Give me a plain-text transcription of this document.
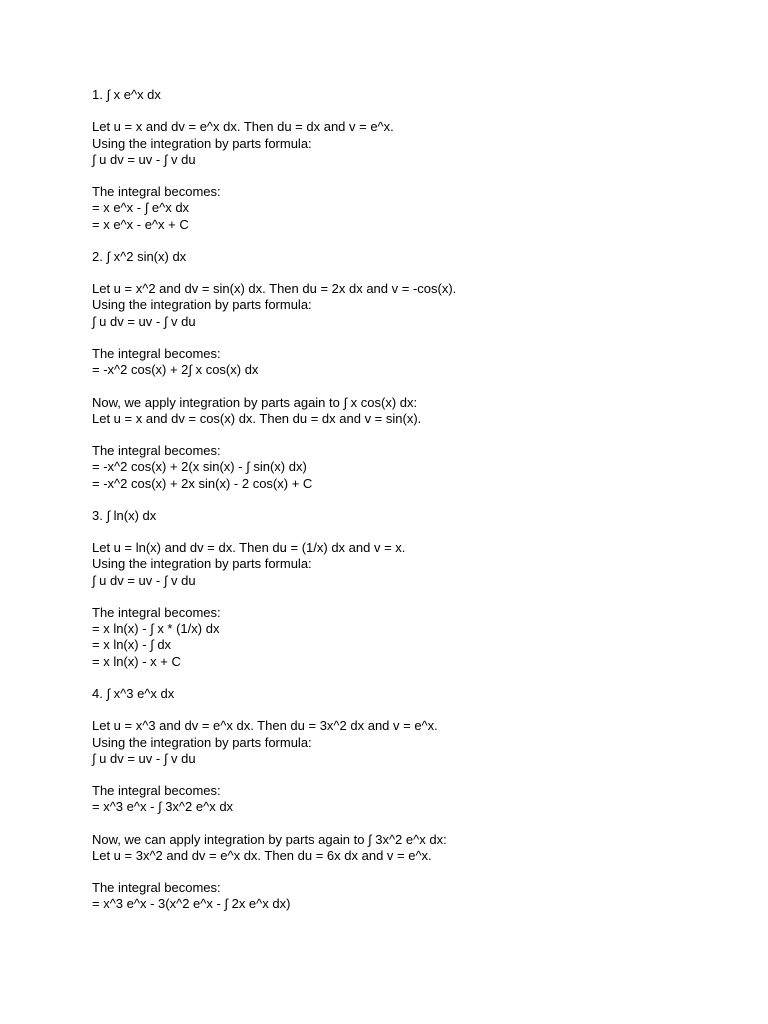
1. ∫ x e^x dx
Let u = x and dv = e^x dx. Then du = dx and v = e^x.
Using the integration by parts formula:
∫ u dv = uv - ∫ v du
The integral becomes:
= x e^x - ∫ e^x dx
= x e^x - e^x + C
2. ∫ x^2 sin(x) dx
Let u = x^2 and dv = sin(x) dx. Then du = 2x dx and v = -cos(x).
Using the integration by parts formula:
∫ u dv = uv - ∫ v du
The integral becomes:
= -x^2 cos(x) + 2∫ x cos(x) dx
Now, we apply integration by parts again to ∫ x cos(x) dx:
Let u = x and dv = cos(x) dx. Then du = dx and v = sin(x).
The integral becomes:
= -x^2 cos(x) + 2(x sin(x) - ∫ sin(x) dx)
= -x^2 cos(x) + 2x sin(x) - 2 cos(x) + C
3. ∫ ln(x) dx
Let u = ln(x) and dv = dx. Then du = (1/x) dx and v = x.
Using the integration by parts formula:
∫ u dv = uv - ∫ v du
The integral becomes:
= x ln(x) - ∫ x * (1/x) dx
= x ln(x) - ∫ dx
= x ln(x) - x + C
4. ∫ x^3 e^x dx
Let u = x^3 and dv = e^x dx. Then du = 3x^2 dx and v = e^x.
Using the integration by parts formula:
∫ u dv = uv - ∫ v du
The integral becomes:
= x^3 e^x - ∫ 3x^2 e^x dx
Now, we can apply integration by parts again to ∫ 3x^2 e^x dx:
Let u = 3x^2 and dv = e^x dx. Then du = 6x dx and v = e^x.
The integral becomes:
= x^3 e^x - 3(x^2 e^x - ∫ 2x e^x dx)
